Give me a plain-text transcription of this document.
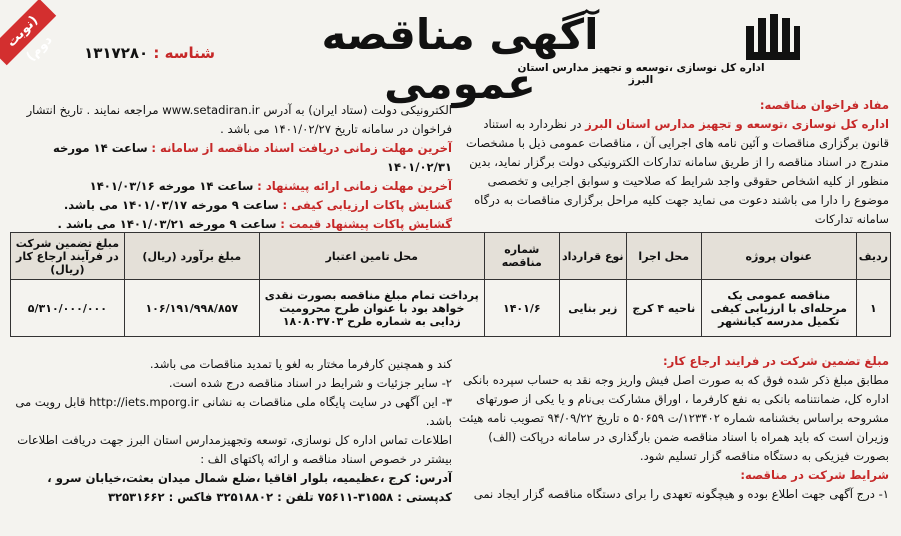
اداره کل نوسازی ،توسعه و تجهیز مدارس استان البرز
آگهی مناقصه عمومی
شناسه : ۱۳۱۷۲۸۰
(نوبت دوم)
مفاد فراخوان مناقصه:
اداره کل نوسازی ،توسعه و تجهیز مدارس استان البرز در نظردارد به استناد قانون برگزاری مناقصات و آئین نامه های اجرایی آن ، مناقصات عمومی ذیل با مشخصات مندرج در اسناد مناقصه را از طریق سامانه تدارکات الکترونیکی دولت برگزار نماید، بدین منظور از کلیه اشخاص حقوقی واجد شرایط که صلاحیت و سوابق اجرایی و تخصصی موضوع را دارا می باشند دعوت می نماید جهت کلیه مراحل برگزاری مناقصات به درگاه سامانه تدارکات
الکترونیکی دولت (ستاد ایران) به آدرس www.setadiran.ir مراجعه نمایند . تاریخ انتشار فراخوان در سامانه تاریخ ۱۴۰۱/۰۲/۲۷ می باشد .
آخرین مهلت زمانی دریافت اسناد مناقصه از سامانه : ساعت ۱۴ مورخه ۱۴۰۱/۰۲/۳۱
آخرین مهلت زمانی ارائه پیشنهاد : ساعت ۱۴ مورخه ۱۴۰۱/۰۳/۱۶
گشایش پاکات ارزیابی کیفی : ساعت ۹ مورخه ۱۴۰۱/۰۳/۱۷ می باشد.
گشایش پاکات پیشنهاد قیمت : ساعت ۹ مورخه ۱۴۰۱/۰۳/۲۱ می باشد .
ردیف	عنوان پروژه	محل اجرا	نوع قرارداد	شماره مناقصه	محل تامین اعتبار	مبلغ برآورد (ریال)	مبلغ تضمین شرکت در فرآیند ارجاع کار (ریال)
۱	مناقصه عمومی یک مرحله‌ای با ارزیابی کیفی تکمیل مدرسه کیانشهر	ناحیه ۴ کرج	زیر بنایی	۱۴۰۱/۶	پرداخت تمام مبلغ مناقصه بصورت نقدی خواهد بود با عنوان طرح محرومیت زدایی به شماره طرح ۱۸۰۸۰۳۷۰۳	۱۰۶/۱۹۱/۹۹۸/۸۵۷	۵/۳۱۰/۰۰۰/۰۰۰
مبلغ تضمین شرکت در فرایند ارجاع کار:
مطابق مبلغ ذکر شده فوق که به صورت اصل فیش واریز وجه نقد به حساب سپرده بانکی اداره کل، ضمانتنامه بانکی به نفع کارفرما ، اوراق مشارکت بی‌نام و یا یکی از صورتهای مشروحه براساس بخشنامه شماره ۱۲۳۴۰۲/ت ۵۰۶۵۹ ه تاریخ ۹۴/۰۹/۲۲ تصویب نامه هیئت وزیران است که باید همراه با اسناد مناقصه ضمن بارگذاری در سامانه درپاکت (الف) بصورت فیزیکی به دستگاه مناقصه گزار تسلیم شود.
شرایط شرکت در مناقصه:
۱- درج آگهی جهت اطلاع بوده و هیچگونه تعهدی را برای دستگاه مناقصه گزار ایجاد نمی
کند و همچنین کارفرما مختار به لغو یا تمدید مناقصات می باشد.
۲- سایر جزئیات و شرایط در اسناد مناقصه درج شده است.
۳- این آگهی در سایت پایگاه ملی مناقصات به نشانی http://iets.mporg.ir قابل رویت می باشد.
اطلاعات تماس اداره کل نوسازی، توسعه وتجهیزمدارس استان البرز جهت دریافت اطلاعات بیشتر در خصوص اسناد مناقصه و ارائه پاکتهای الف :
آدرس: کرج ،عظیمیه، بلوار اقاقیا ،ضلع شمال میدان بعثت،خیابان سرو ، کدپستی : ۳۱۵۵۸-۷۵۶۱۱ تلفن : ۳۲۵۱۸۸۰۲ فاکس : ۳۲۵۳۱۶۶۲
